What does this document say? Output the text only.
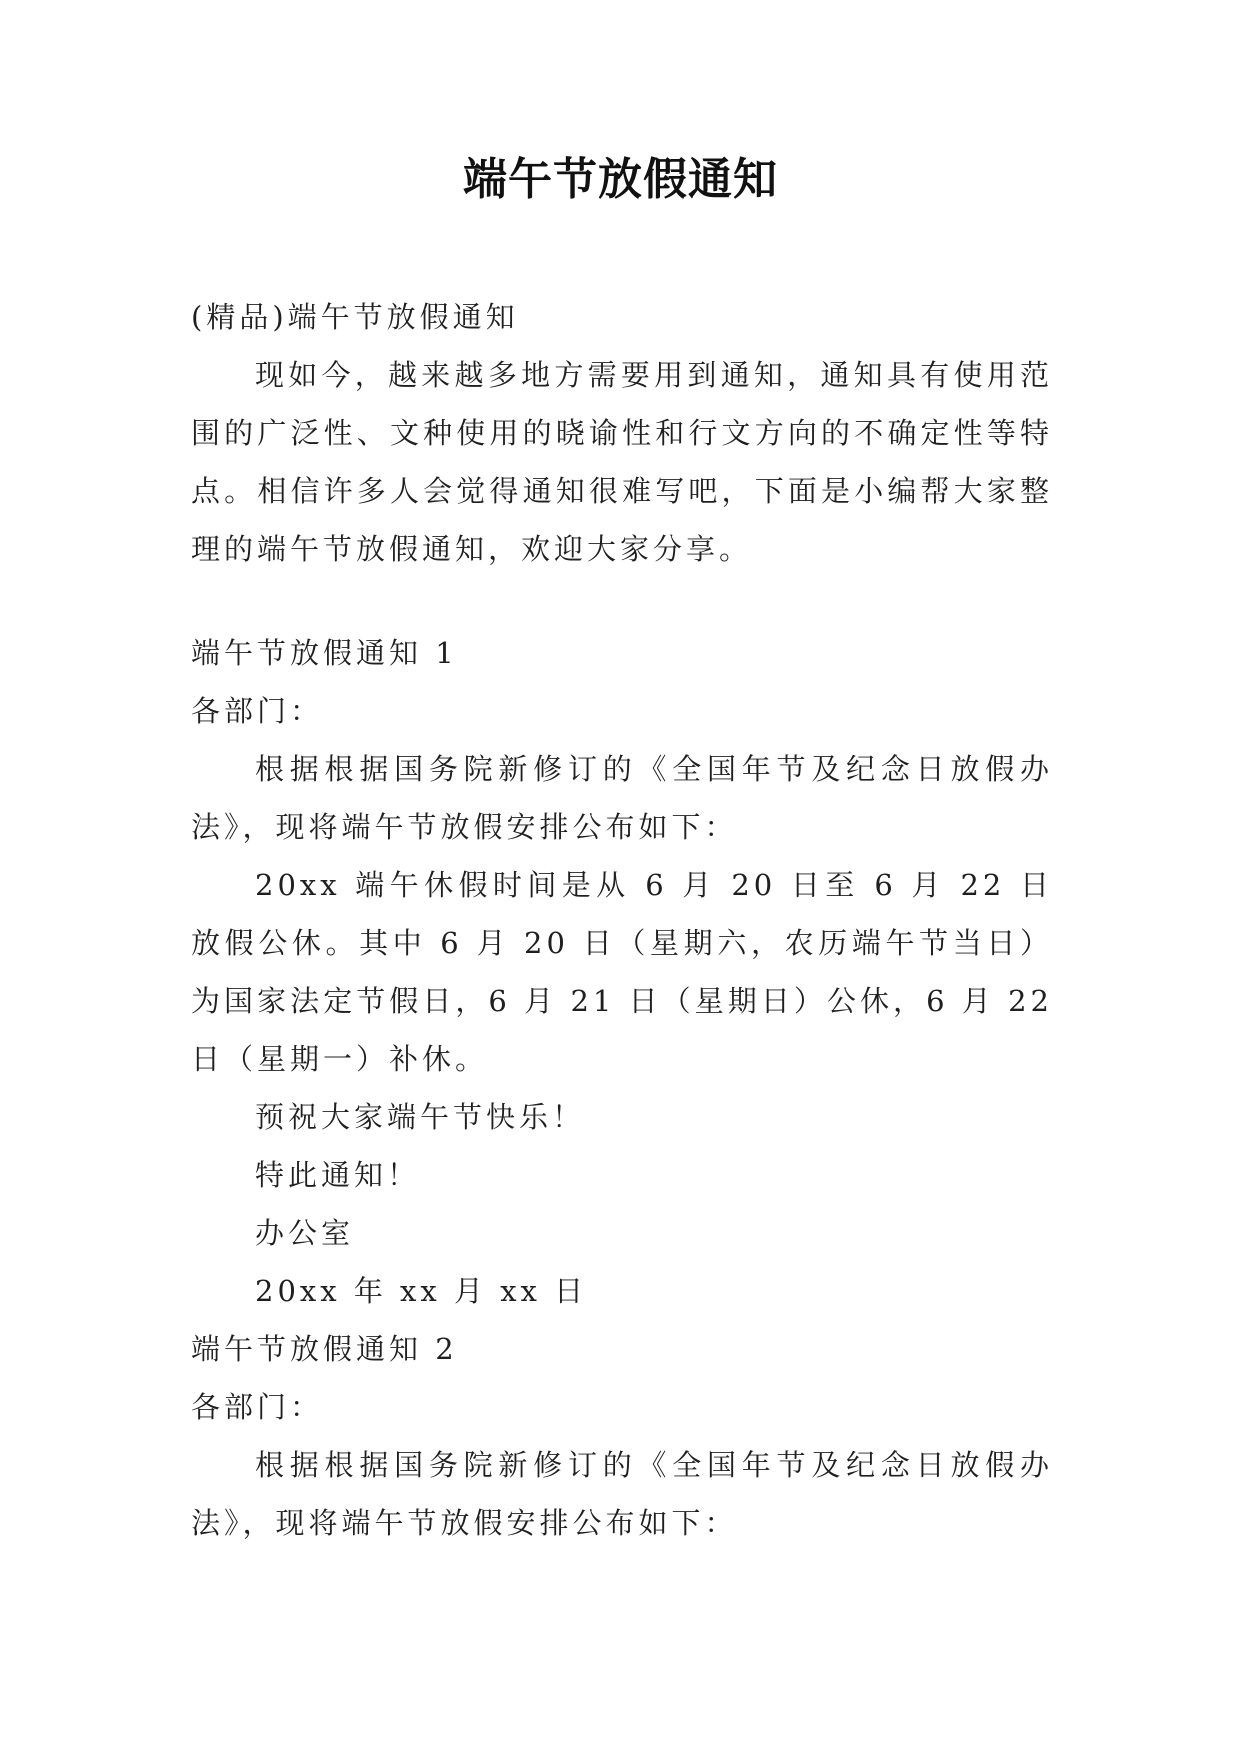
端午节放假通知

(精品)端午节放假通知

现如今，越来越多地方需要用到通知，通知具有使用范围的广泛性、文种使用的晓谕性和行文方向的不确定性等特点。相信许多人会觉得通知很难写吧，下面是小编帮大家整理的端午节放假通知，欢迎大家分享。

端午节放假通知 1

各部门：

根据根据国务院新修订的《全国年节及纪念日放假办法》，现将端午节放假安排公布如下：

20xx 端午休假时间是从 6 月 20 日至 6 月 22 日放假公休。其中 6 月 20 日（星期六，农历端午节当日）为国家法定节假日，6 月 21 日（星期日）公休，6 月 22 日（星期一）补休。

预祝大家端午节快乐！

特此通知！

办公室

20xx 年 xx 月 xx 日

端午节放假通知 2

各部门：

根据根据国务院新修订的《全国年节及纪念日放假办法》，现将端午节放假安排公布如下：
